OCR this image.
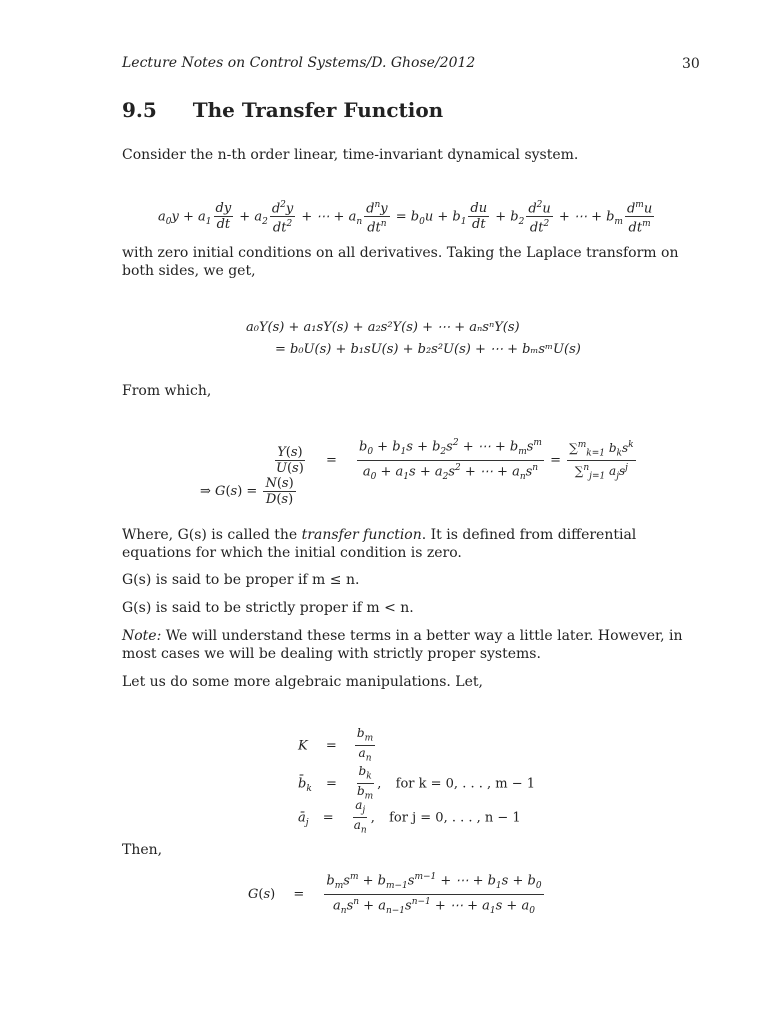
Lecture Notes on Control Systems/D. Ghose/2012	30
9.5 The Transfer Function
Consider the n-th order linear, time-invariant dynamical system.
$a_0y + a_1 \frac{dy}{dt} + a_2 \frac{d^2y}{dt^2}$ + ⋯ + $a_n \frac{d^ny}{dt^n} = b_0u + b_1 \frac{du}{dt} + b_2 \frac{d^2u}{dt^2}$ + ⋯ + $b_m \frac{d^mu}{dt^m}$
with zero initial conditions on all derivatives. Taking the Laplace transform on both sides, we get,
a₀Y(s) + a₁sY(s) + a₂s²Y(s) + ⋯ + aₙsⁿY(s)
= b₀U(s) + b₁sU(s) + b₂s²U(s) + ⋯ + bₘsᵐU(s)
From which,
$\frac{Y(s)}{U(s)} = \frac{b_0 + b_1s + b_2s^2 + \cdots + b_ms^m}{a_0 + a_1s + a_2s^2 + \cdots + a_ns^n} = \frac{\sum^m_{k=1} b_ks^k}{\sum^n_{j=1} a_js^j}$
⇒ $G(s) = \frac{N(s)}{D(s)}$
Where, G(s) is called the transfer function. It is defined from differential equations for which the initial condition is zero.
G(s) is said to be proper if m ≤ n.
G(s) is said to be strictly proper if m < n.
Note: We will understand these terms in a better way a little later. However, in most cases we will be dealing with strictly proper systems.
Let us do some more algebraic manipulations. Let,
$K = \frac{b_m}{a_n}$
$b̄_k = \frac{b_k}{b_m}$ , for k = 0, . . . , m − 1
$ā_j = \frac{a_j}{a_n}$ , for j = 0, . . . , n − 1
Then,
$G(s) = \frac{b_ms^m + b_{m-1}s^{m-1} + \cdots + b_1s + b_0}{a_ns^n + a_{n-1}s^{n-1} + \cdots + a_1s + a_0}$
